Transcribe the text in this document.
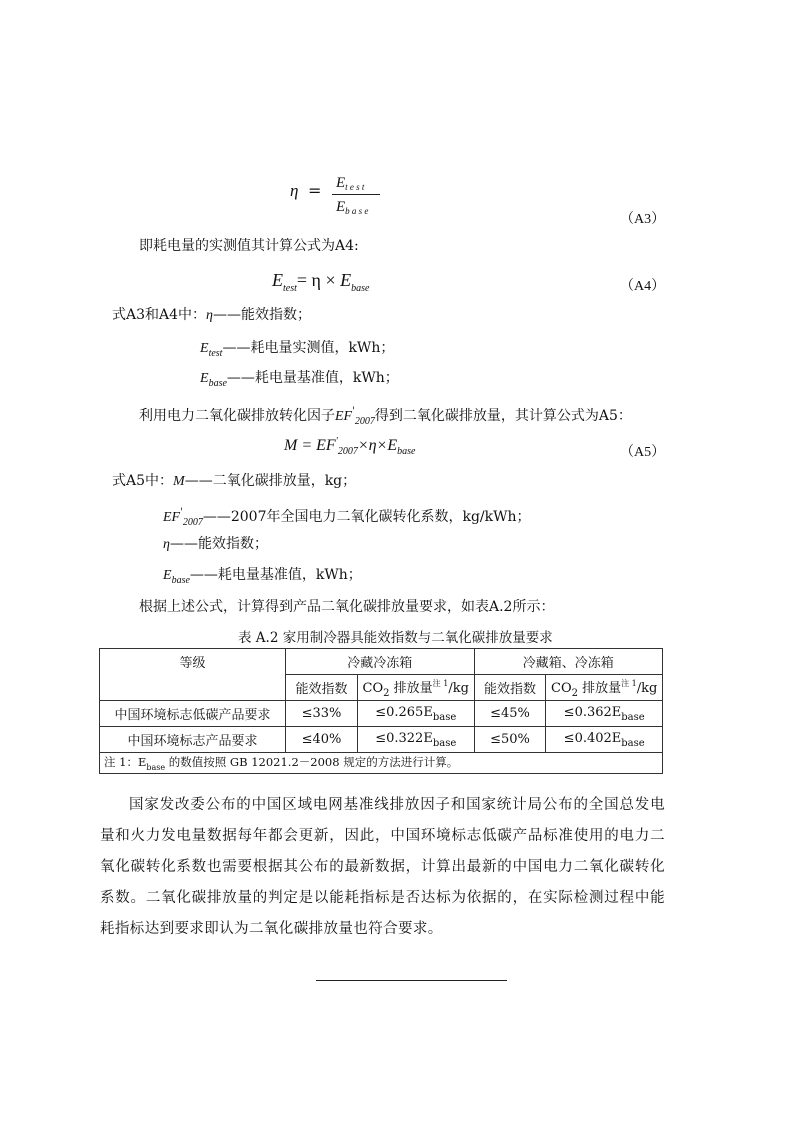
$\eta = E_{t e s t}$
$E_{b a s e}$
（A3）
即耗电量的实测值其计算公式为A4:
$E_{test}= \eta \times E_{base}$	（A4）
式A3和A4中：η——能效指数；
$E_{test}——$耗电量实测值，kWh；
$E_{base}——$耗电量基准值，kWh；
利用电力二氧化碳排放转化因子$EF'_{2007}$得到二氧化碳排放量，其计算公式为A5：
$M = EF'_{2007}\times\eta\times E_{base}$	（A5）
式A5中：M——二氧化碳排放量，kg；
$EF'_{2007}——2007$年全国电力二氧化碳转化系数，kg/kWh；
η——能效指数；
$E_{base}——$耗电量基准值，kWh；
根据上述公式，计算得到产品二氧化碳排放量要求，如表A.2所示：
表 A.2 家用制冷器具能效指数与二氧化碳排放量要求
等级	冷藏冷冻箱		冷藏箱、冷冻箱	
	能效指数	$CO_2$ 排放量$^{注 1}$/kg	能效指数	$CO_2$ 排放量$^{注 1}$/kg
中国环境标志低碳产品要求	≤33%	$\le 0.265E_{base}$	≤45%	$\le 0.362E_{base}$
中国环境标志产品要求	≤40%	$\le 0.322E_{base}$	≤50%	$\le 0.402E_{base}$
注 1：$E_{base}$ 的数值按照 GB 12021.2－2008 规定的方法进行计算。				
国家发改委公布的中国区域电网基准线排放因子和国家统计局公布的全国总发电量和火力发电量数据每年都会更新，因此，中国环境标志低碳产品标准使用的电力二氧化碳转化系数也需要根据其公布的最新数据，计算出最新的中国电力二氧化碳转化系数。二氧化碳排放量的判定是以能耗指标是否达标为依据的，在实际检测过程中能耗指标达到要求即认为二氧化碳排放量也符合要求。
